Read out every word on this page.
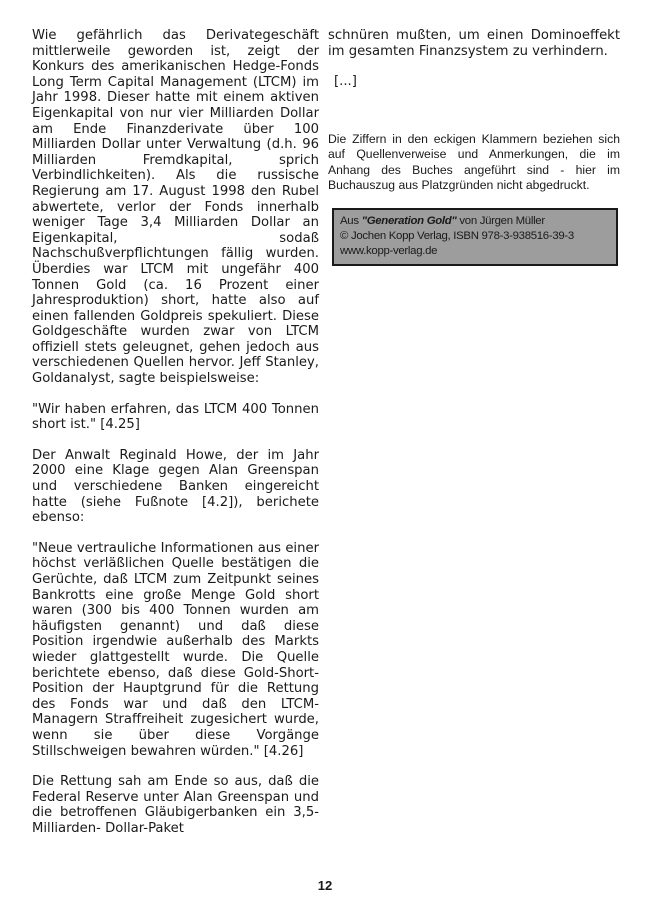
Wie gefährlich das Derivategeschäft mittlerweile geworden ist, zeigt der Konkurs des amerikanischen Hedge-Fonds Long Term Capital Management (LTCM) im Jahr 1998. Dieser hatte mit einem aktiven Eigenkapital von nur vier Milliarden Dollar am Ende Finanzderivate über 100 Milliarden Dollar unter Verwaltung (d.h. 96 Milliarden Fremdkapital, sprich Verbindlichkeiten). Als die russische Regierung am 17. August 1998 den Rubel abwertete, verlor der Fonds innerhalb weniger Tage 3,4 Milliarden Dollar an Eigenkapital, sodaß Nachschußverpflichtungen fällig wurden. Überdies war LTCM mit ungefähr 400 Tonnen Gold (ca. 16 Prozent einer Jahresproduktion) short, hatte also auf einen fallenden Goldpreis spekuliert. Diese Goldgeschäfte wurden zwar von LTCM offiziell stets geleugnet, gehen jedoch aus verschiedenen Quellen hervor. Jeff Stanley, Goldanalyst, sagte beispielsweise:

"Wir haben erfahren, das LTCM 400 Tonnen short ist." [4.25]

Der Anwalt Reginald Howe, der im Jahr 2000 eine Klage gegen Alan Greenspan und verschiedene Banken eingereicht hatte (siehe Fußnote [4.2]), berichete ebenso:

"Neue vertrauliche Informationen aus einer höchst verläßlichen Quelle bestätigen die Gerüchte, daß LTCM zum Zeitpunkt seines Bankrotts eine große Menge Gold short waren (300 bis 400 Tonnen wurden am häufigsten genannt) und daß diese Position irgendwie außerhalb des Markts wieder glattgestellt wurde. Die Quelle berichtete ebenso, daß diese Gold-Short-Position der Hauptgrund für die Rettung des Fonds war und daß den LTCM-Managern Straffreiheit zugesichert wurde, wenn sie über diese Vorgänge Stillschweigen bewahren würden." [4.26]

Die Rettung sah am Ende so aus, daß die Federal Reserve unter Alan Greenspan und die betroffenen Gläubigerbanken ein 3,5-Milliarden- Dollar-Paket

schnüren mußten, um einen Dominoeffekt im gesamten Finanzsystem zu verhindern.

[...]

Die Ziffern in den eckigen Klammern beziehen sich auf Quellenverweise und Anmerkungen, die im Anhang des Buches angeführt sind - hier im Buchauszug aus Platzgründen nicht abgedruckt.

Aus "Generation Gold" von Jürgen Müller
© Jochen Kopp Verlag, ISBN 978-3-938516-39-3
www.kopp-verlag.de
12
